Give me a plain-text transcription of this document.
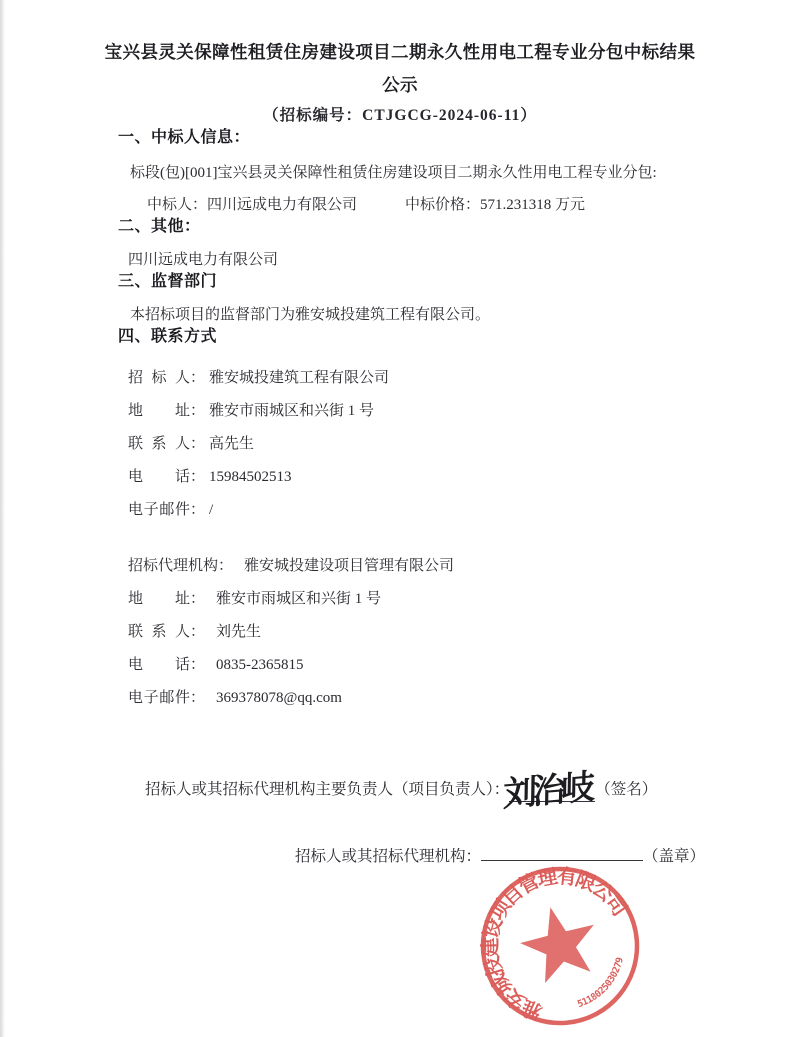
宝兴县灵关保障性租赁住房建设项目二期永久性用电工程专业分包中标结果公示
（招标编号：CTJGCG-2024-06-11）
一、中标人信息：

标段(包)[001]宝兴县灵关保障性租赁住房建设项目二期永久性用电工程专业分包:

中标人： 四川远成电力有限公司	中标价格： 571.231318 万元

二、其他：

四川远成电力有限公司

三、监督部门

本招标项目的监督部门为雅安城投建筑工程有限公司。

四、联系方式
招标人： 雅安城投建筑工程有限公司
地址： 雅安市雨城区和兴街 1 号
联系人： 高先生
电话： 15984502513
电子邮件： /
招标代理机构： 雅安城投建设项目管理有限公司
地址： 雅安市雨城区和兴街 1 号
联系人： 刘先生
电话： 0835-2365815
电子邮件： 369378078@qq.com
招标人或其招标代理机构主要负责人（项目负责人）：
刘治岐 （签名）
招标人或其招标代理机构：	（盖章）
雅安城投建设项目管理有限公司
5118025030279
